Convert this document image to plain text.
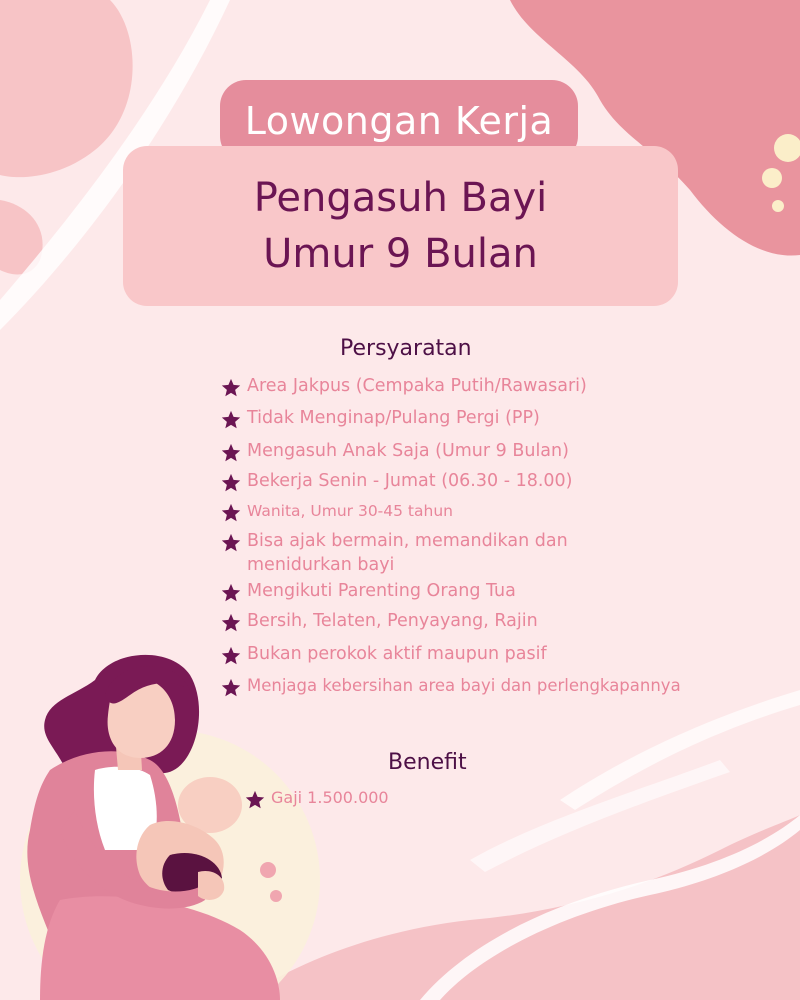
Lowongan Kerja
Pengasuh Bayi
Umur 9 Bulan
Persyaratan
Area Jakpus (Cempaka Putih/Rawasari)
Tidak Menginap/Pulang Pergi (PP)
Mengasuh Anak Saja (Umur 9 Bulan)
Bekerja Senin - Jumat (06.30 - 18.00)
Wanita, Umur 30-45 tahun
Bisa ajak bermain, memandikan dan menidurkan bayi
Mengikuti Parenting Orang Tua
Bersih, Telaten, Penyayang, Rajin
Bukan perokok aktif maupun pasif
Menjaga kebersihan area bayi dan perlengkapannya
Benefit
Gaji 1.500.000
